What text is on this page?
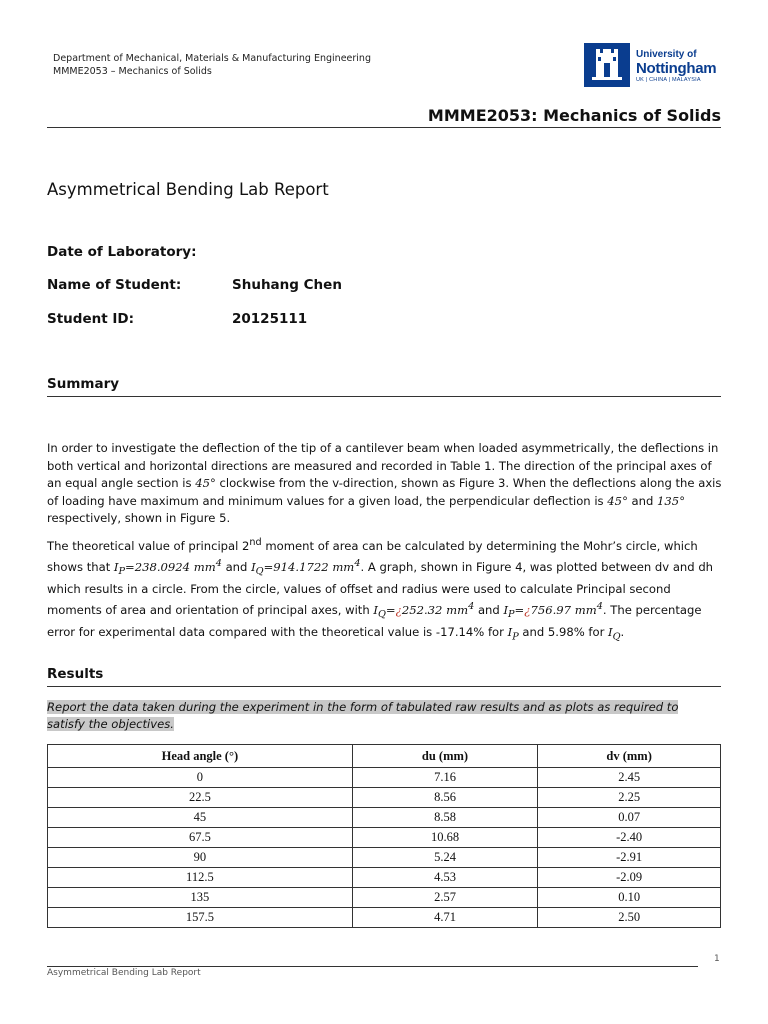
Department of Mechanical, Materials & Manufacturing Engineering
MMME2053 – Mechanics of Solids
University of
Nottingham
UK | CHINA | MALAYSIA
MMME2053: Mechanics of Solids
Asymmetrical Bending Lab Report
Date of Laboratory:
Name of Student:	Shuhang Chen
Student ID:	20125111
Summary

In order to investigate the deflection of the tip of a cantilever beam when loaded asymmetrically, the deflections in both vertical and horizontal directions are measured and recorded in Table 1. The direction of the principal axes of an equal angle section is 45° clockwise from the v-direction, shown as Figure 3. When the deflections along the axis of loading have maximum and minimum values for a given load, the perpendicular deflection is 45° and 135° respectively, shown in Figure 5.

The theoretical value of principal 2nd moment of area can be calculated by determining the Mohr’s circle, which shows that $I_P=238.0924$ $mm^4$ and $I_Q=914.1722$ $mm^4$. A graph, shown in Figure 4, was plotted between dv and dh which results in a circle. From the circle, values of offset and radius were used to calculate Principal second moments of area and orientation of principal axes, with $I_Q=¿252.32$ $mm^4$ and $I_P=¿756.97$ $mm^4$. The percentage error for experimental data compared with the theoretical value is -17.14% for $I_P$ and 5.98% for $I_Q$.

Results
Report the data taken during the experiment in the form of tabulated raw results and as plots as required to satisfy the objectives.
Head angle (°)	du (mm)	dv (mm)
0	7.16	2.45
22.5	8.56	2.25
45	8.58	0.07
67.5	10.68	-2.40
90	5.24	-2.91
112.5	4.53	-2.09
135	2.57	0.10
157.5	4.71	2.50
1
Asymmetrical Bending Lab Report
